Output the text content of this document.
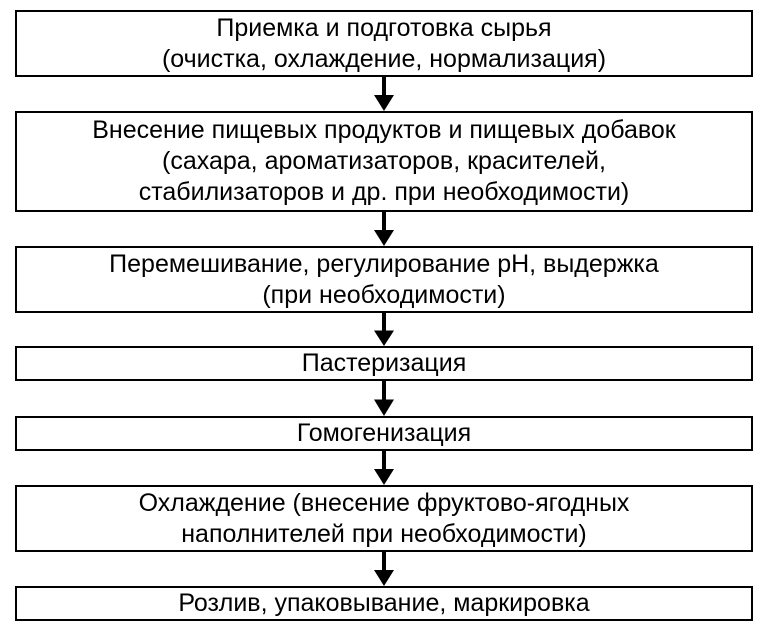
Приемка и подготовка сырья
(очистка, охлаждение, нормализация)
Внесение пищевых продуктов и пищевых добавок
(сахара, ароматизаторов, красителей,
стабилизаторов и др. при необходимости)
Перемешивание, регулирование рН, выдержка
(при необходимости)
Пастеризация
Гомогенизация
Охлаждение (внесение фруктово-ягодных
наполнителей при необходимости)
Розлив, упаковывание, маркировка
